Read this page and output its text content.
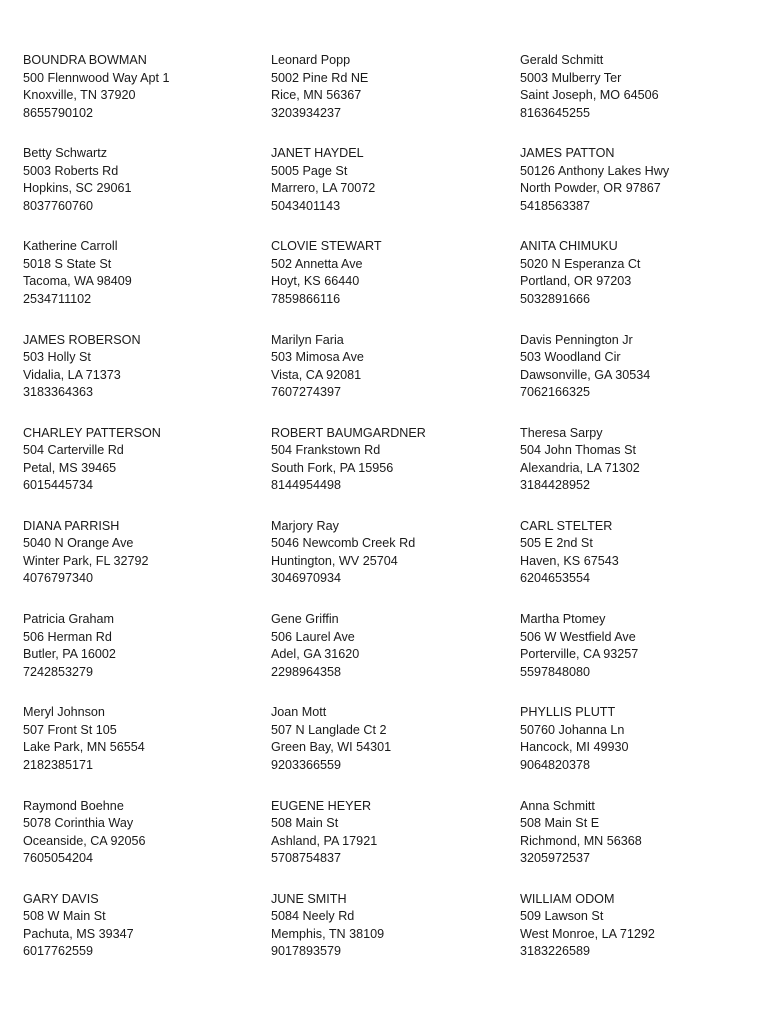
BOUNDRA BOWMAN
500 Flennwood Way Apt 1
Knoxville, TN 37920
8655790102
Leonard Popp
5002 Pine Rd NE
Rice, MN 56367
3203934237
Gerald Schmitt
5003 Mulberry Ter
Saint Joseph, MO 64506
8163645255
Betty Schwartz
5003 Roberts Rd
Hopkins, SC 29061
8037760760
JANET HAYDEL
5005 Page St
Marrero, LA 70072
5043401143
JAMES PATTON
50126 Anthony Lakes Hwy
North Powder, OR 97867
5418563387
Katherine Carroll
5018 S State St
Tacoma, WA 98409
2534711102
CLOVIE STEWART
502 Annetta Ave
Hoyt, KS 66440
7859866116
ANITA CHIMUKU
5020 N Esperanza Ct
Portland, OR 97203
5032891666
JAMES ROBERSON
503 Holly St
Vidalia, LA 71373
3183364363
Marilyn Faria
503 Mimosa Ave
Vista, CA 92081
7607274397
Davis Pennington Jr
503 Woodland Cir
Dawsonville, GA 30534
7062166325
CHARLEY PATTERSON
504 Carterville Rd
Petal, MS 39465
6015445734
ROBERT BAUMGARDNER
504 Frankstown Rd
South Fork, PA 15956
8144954498
Theresa Sarpy
504 John Thomas St
Alexandria, LA 71302
3184428952
DIANA PARRISH
5040 N Orange Ave
Winter Park, FL 32792
4076797340
Marjory Ray
5046 Newcomb Creek Rd
Huntington, WV 25704
3046970934
CARL STELTER
505 E 2nd St
Haven, KS 67543
6204653554
Patricia Graham
506 Herman Rd
Butler, PA 16002
7242853279
Gene Griffin
506 Laurel Ave
Adel, GA 31620
2298964358
Martha Ptomey
506 W Westfield Ave
Porterville, CA 93257
5597848080
Meryl Johnson
507 Front St 105
Lake Park, MN 56554
2182385171
Joan Mott
507 N Langlade Ct 2
Green Bay, WI 54301
9203366559
PHYLLIS PLUTT
50760 Johanna Ln
Hancock, MI 49930
9064820378
Raymond Boehne
5078 Corinthia Way
Oceanside, CA 92056
7605054204
EUGENE HEYER
508 Main St
Ashland, PA 17921
5708754837
Anna Schmitt
508 Main St E
Richmond, MN 56368
3205972537
GARY DAVIS
508 W Main St
Pachuta, MS 39347
6017762559
JUNE SMITH
5084 Neely Rd
Memphis, TN 38109
9017893579
WILLIAM ODOM
509 Lawson St
West Monroe, LA 71292
3183226589
